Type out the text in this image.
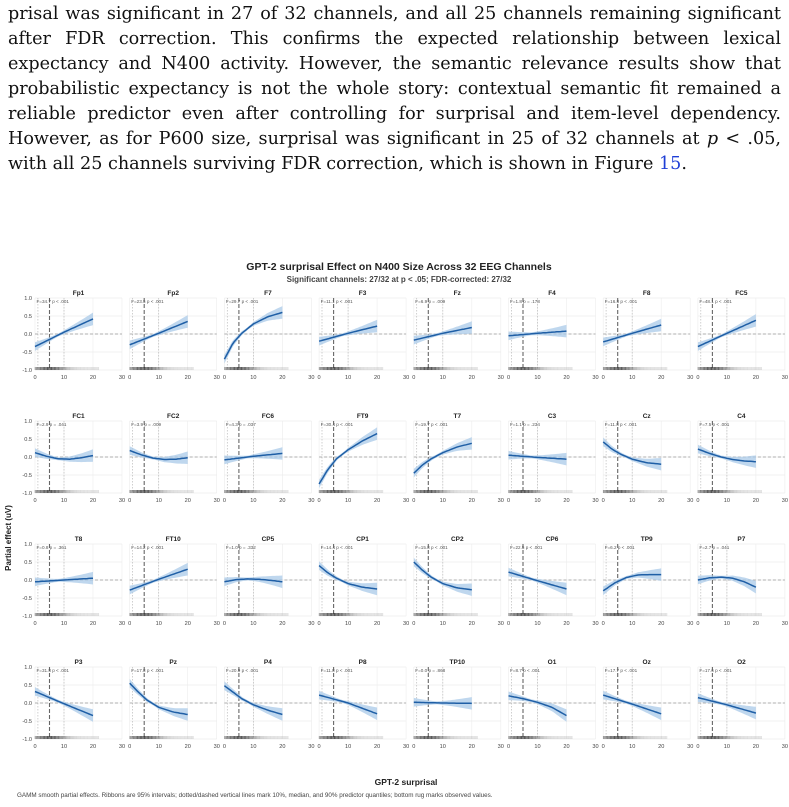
prisal was significant in 27 of 32 channels, and all 25 channels remaining significant after FDR correction. This confirms the expected relationship between lexical expectancy and N400 activity. However, the semantic relevance results show that probabilistic expectancy is not the whole story: contextual semantic fit remained a reliable predictor even after controlling for surprisal and item-level dependency. However, as for P600 size, surprisal was significant in 25 of 32 channels at p < .05, with all 25 channels surviving FDR correction, which is shown in Figure 15.

GPT-2 surprisal Effect on N400 Size Across 32 EEG Channels
Significant channels: 27/32 at p < .05; FDR-corrected: 27/32
Partial effect (uV)
GPT-2 surprisal
GAMM smooth partial effects. Ribbons are 95% intervals; dotted/dashed vertical lines mark 10%, median, and 90% predictor quantiles; bottom rug marks observed values.
Fp1
F=34.7 p < .001
1.0
0.5
0.0
-0.5
-1.0
0	10	20	30
Fp2
F=23.5 p < .001
0	10	20	30
F7
F=29.7 p < .001
0	10	20	30
F3
F=11.1 p < .001
0	10	20	30
Fz
F=6.9 p = .009
0	10	20	30
F4
F=1.8 p = .178
0	10	20	30
F8
F=16.8 p < .001
0	10	20	30
FC5
F=48.1 p < .001
0	10	20	30
FC1
F=2.9 p = .041
1.0
0.5
0.0
-0.5
-1.0
0	10	20	30
FC2
F=3.9 p = .009
0	10	20	30
FC6
F=4.3 p = .037
0	10	20	30
FT9
F=30.4 p < .001
0	10	20	30
T7
F=19.7 p < .001
0	10	20	30
C3
F=1.1 p = .234
0	10	20	30
Cz
F=11.8 p < .001
0	10	20	30
C4
F=7.5 p < .001
0	10	20	30
T8
F=0.8 p = .361
1.0
0.5
0.0
-0.5
-1.0
0	10	20	30
FT10
F=14.2 p < .001
0	10	20	30
CP5
F=1.0 p = .332
0	10	20	30
CP1
F=14.4 p < .001
0	10	20	30
CP2
F=15.8 p < .001
0	10	20	30
CP6
F=22.5 p < .001
0	10	20	30
TP9
F=6.2 p < .001
0	10	20	30
P7
F=2.7 p = .041
0	10	20	30
P3
F=31.8 p < .001
1.0
0.5
0.0
-0.5
-1.0
0	10	20	30
Pz
F=17.8 p < .001
0	10	20	30
P4
F=20.9 p < .001
0	10	20	30
P8
F=11.8 p < .001
0	10	20	30
TP10
F=0.0 p = .868
0	10	20	30
O1
F=8.7 p < .001
0	10	20	30
Oz
F=17.7 p < .001
0	10	20	30
O2
F=17.6 p < .001
0	10	20	30
